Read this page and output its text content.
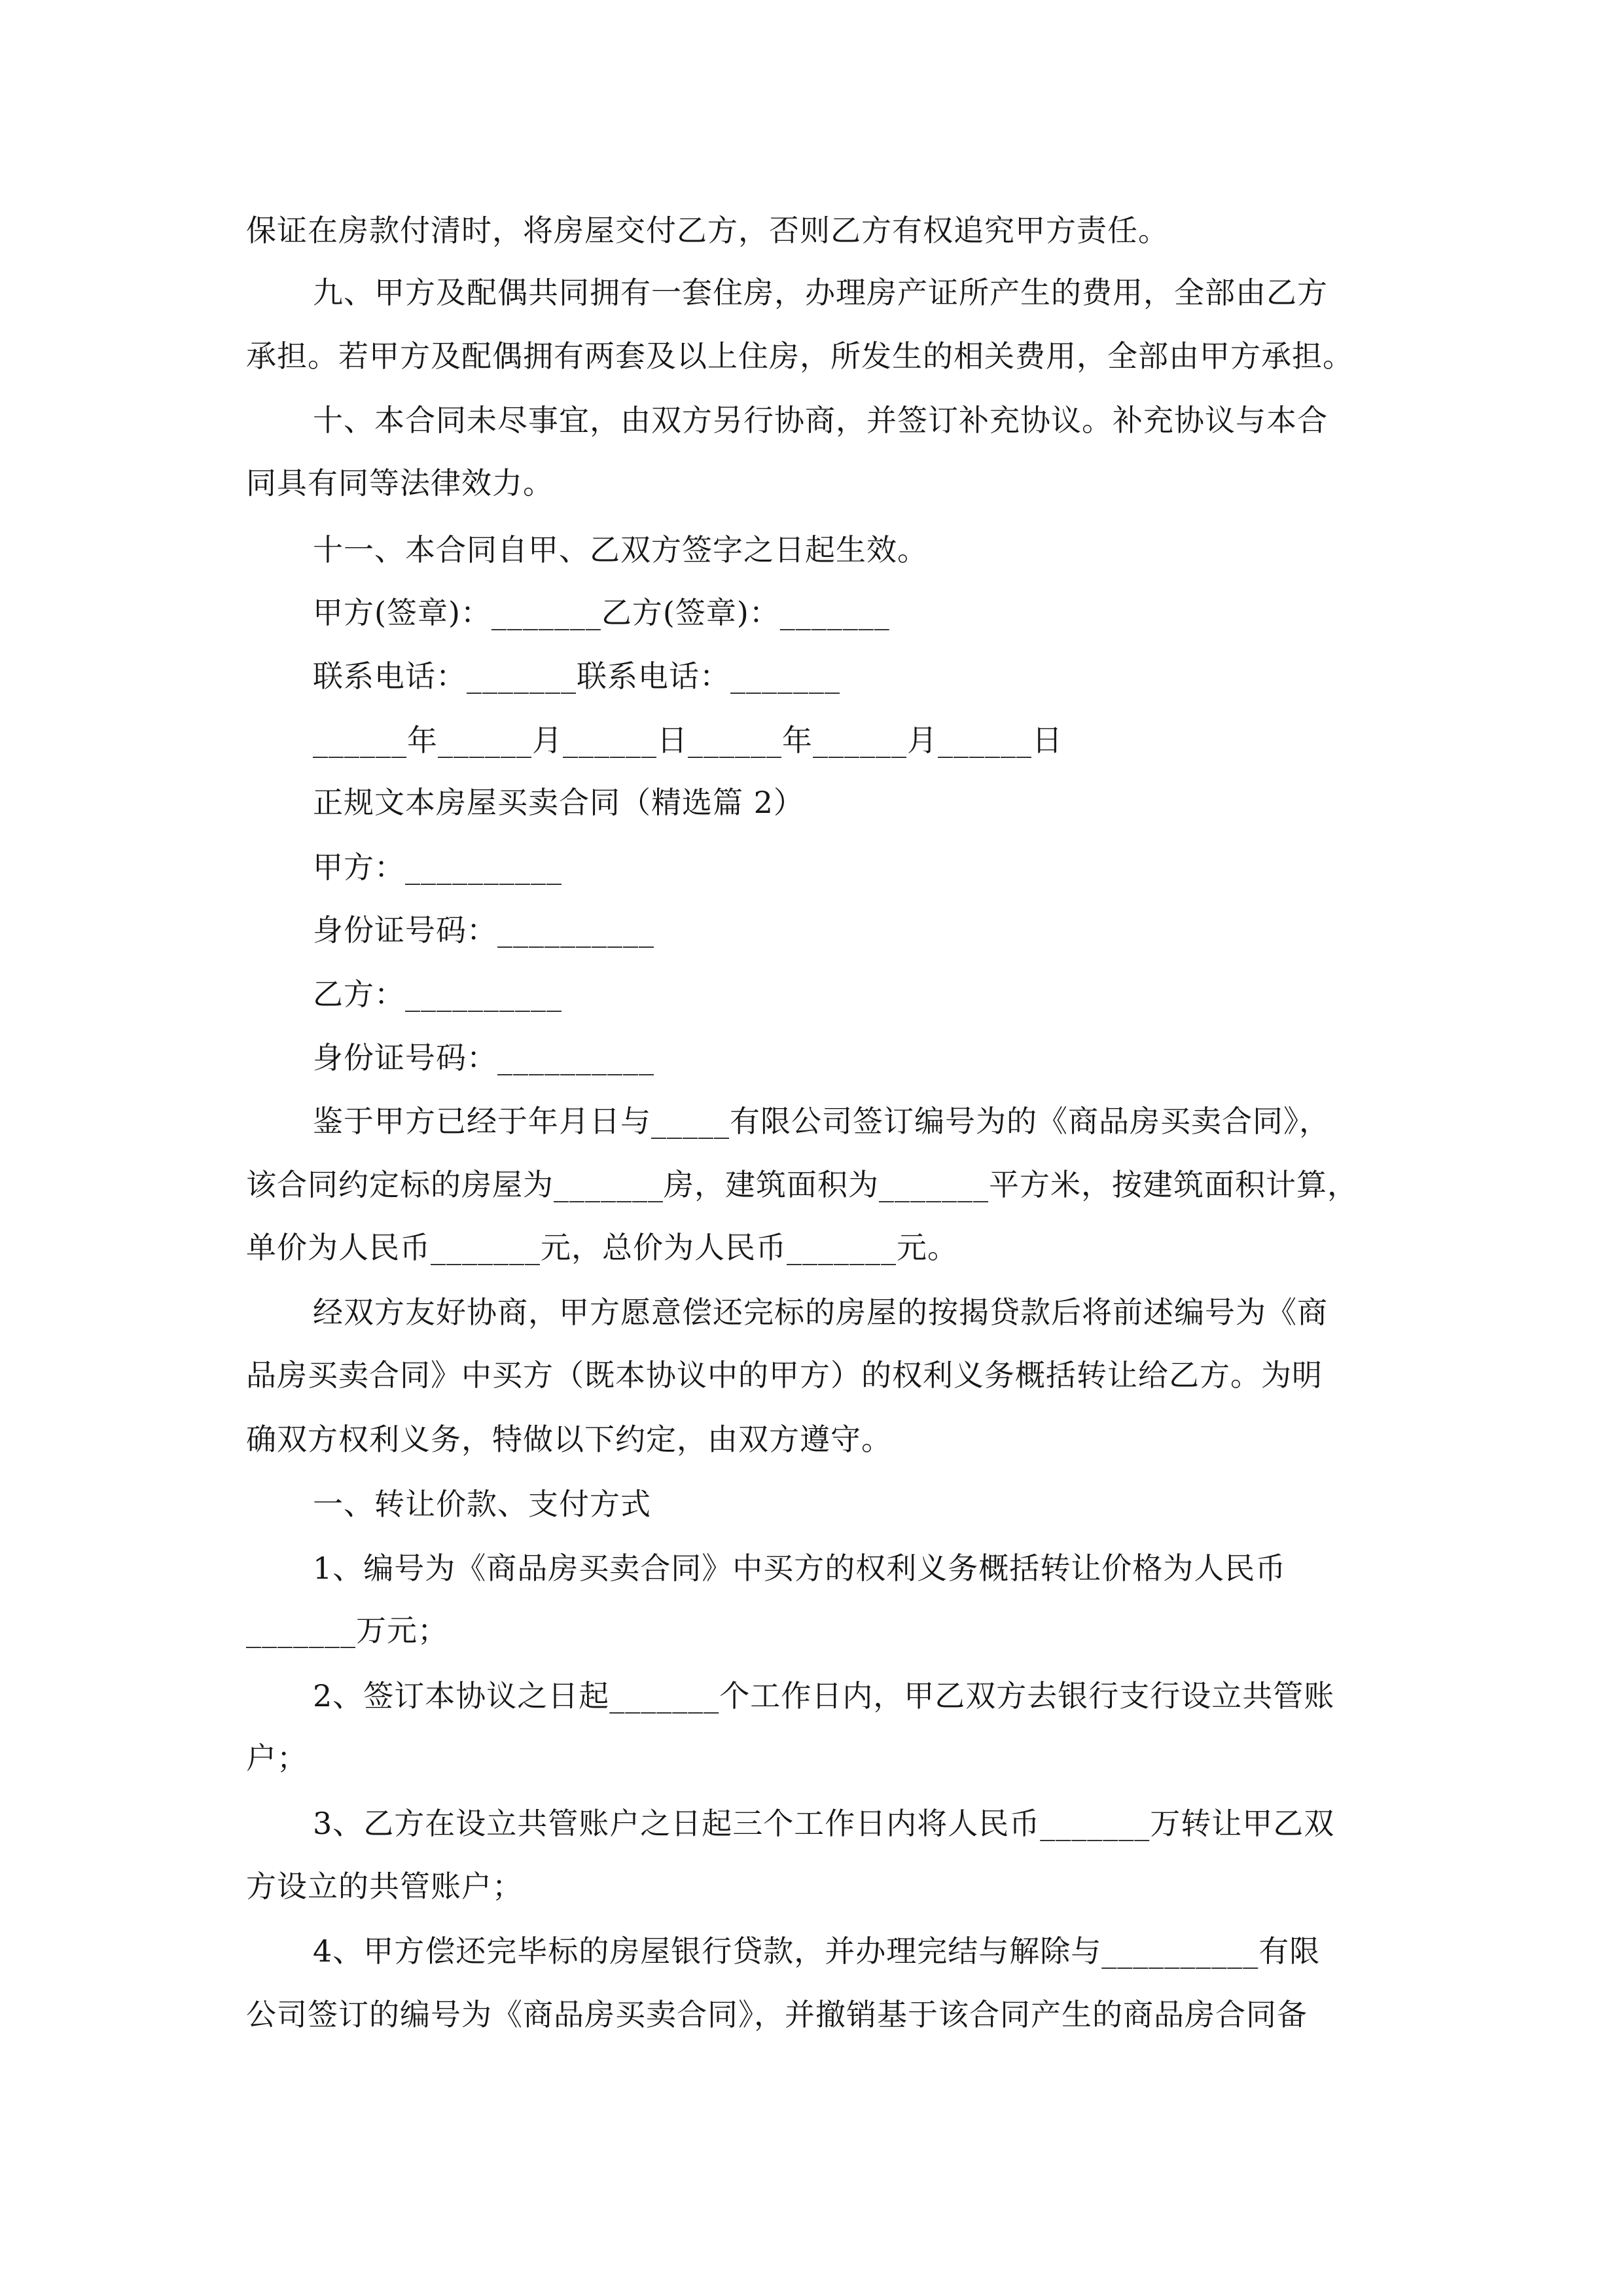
保证在房款付清时，将房屋交付乙方，否则乙方有权追究甲方责任。
九、甲方及配偶共同拥有一套住房，办理房产证所产生的费用，全部由乙方
承担。若甲方及配偶拥有两套及以上住房，所发生的相关费用，全部由甲方承担。
十、本合同未尽事宜，由双方另行协商，并签订补充协议。补充协议与本合
同具有同等法律效力。
十一、本合同自甲、乙双方签字之日起生效。
甲方(签章)：_______乙方(签章)：_______
联系电话：_______联系电话：_______
______年______月______日______年______月______日
正规文本房屋买卖合同（精选篇 2）
甲方：__________
身份证号码：__________
乙方：__________
身份证号码：__________
鉴于甲方已经于年月日与_____有限公司签订编号为的《商品房买卖合同》，
该合同约定标的房屋为_______房，建筑面积为_______平方米，按建筑面积计算，
单价为人民币_______元，总价为人民币_______元。
经双方友好协商，甲方愿意偿还完标的房屋的按揭贷款后将前述编号为《商
品房买卖合同》中买方（既本协议中的甲方）的权利义务概括转让给乙方。为明
确双方权利义务，特做以下约定，由双方遵守。
一、转让价款、支付方式
1、编号为《商品房买卖合同》中买方的权利义务概括转让价格为人民币
_______万元；
2、签订本协议之日起_______个工作日内，甲乙双方去银行支行设立共管账
户；
3、乙方在设立共管账户之日起三个工作日内将人民币_______万转让甲乙双
方设立的共管账户；
4、甲方偿还完毕标的房屋银行贷款，并办理完结与解除与__________有限
公司签订的编号为《商品房买卖合同》，并撤销基于该合同产生的商品房合同备
